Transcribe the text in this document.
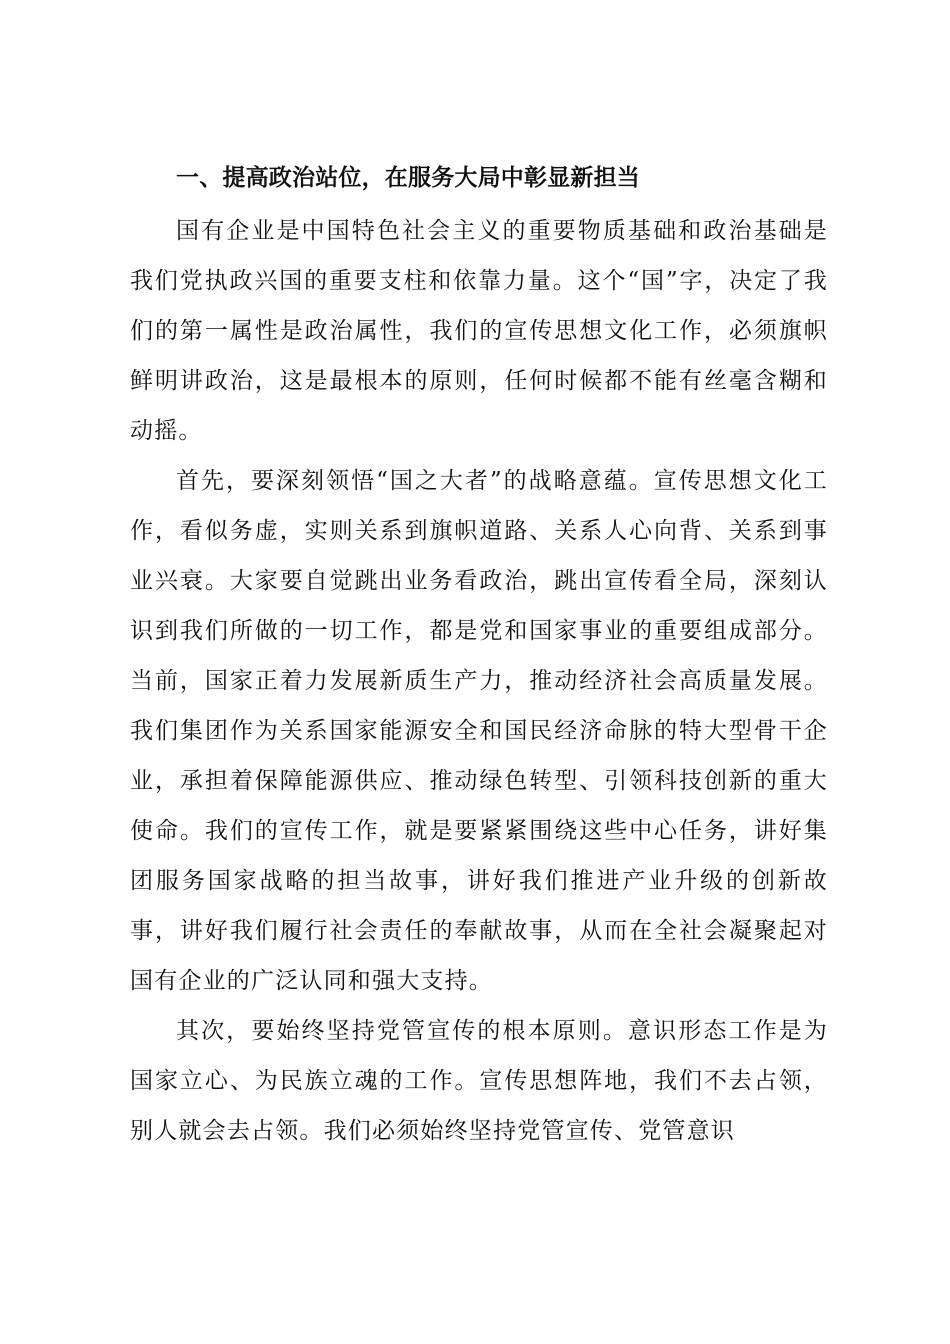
一、提高政治站位，在服务大局中彰显新担当

国有企业是中国特色社会主义的重要物质基础和政治基础是我们党执政兴国的重要支柱和依靠力量。这个“国”字，决定了我们的第一属性是政治属性，我们的宣传思想文化工作，必须旗帜鲜明讲政治，这是最根本的原则，任何时候都不能有丝毫含糊和动摇。

首先，要深刻领悟“国之大者”的战略意蕴。宣传思想文化工作，看似务虚，实则关系到旗帜道路、关系人心向背、关系到事业兴衰。大家要自觉跳出业务看政治，跳出宣传看全局，深刻认识到我们所做的一切工作，都是党和国家事业的重要组成部分。当前，国家正着力发展新质生产力，推动经济社会高质量发展。我们集团作为关系国家能源安全和国民经济命脉的特大型骨干企业，承担着保障能源供应、推动绿色转型、引领科技创新的重大使命。我们的宣传工作，就是要紧紧围绕这些中心任务，讲好集团服务国家战略的担当故事，讲好我们推进产业升级的创新故事，讲好我们履行社会责任的奉献故事，从而在全社会凝聚起对国有企业的广泛认同和强大支持。

其次，要始终坚持党管宣传的根本原则。意识形态工作是为国家立心、为民族立魂的工作。宣传思想阵地，我们不去占领，别人就会去占领。我们必须始终坚持党管宣传、党管意识
